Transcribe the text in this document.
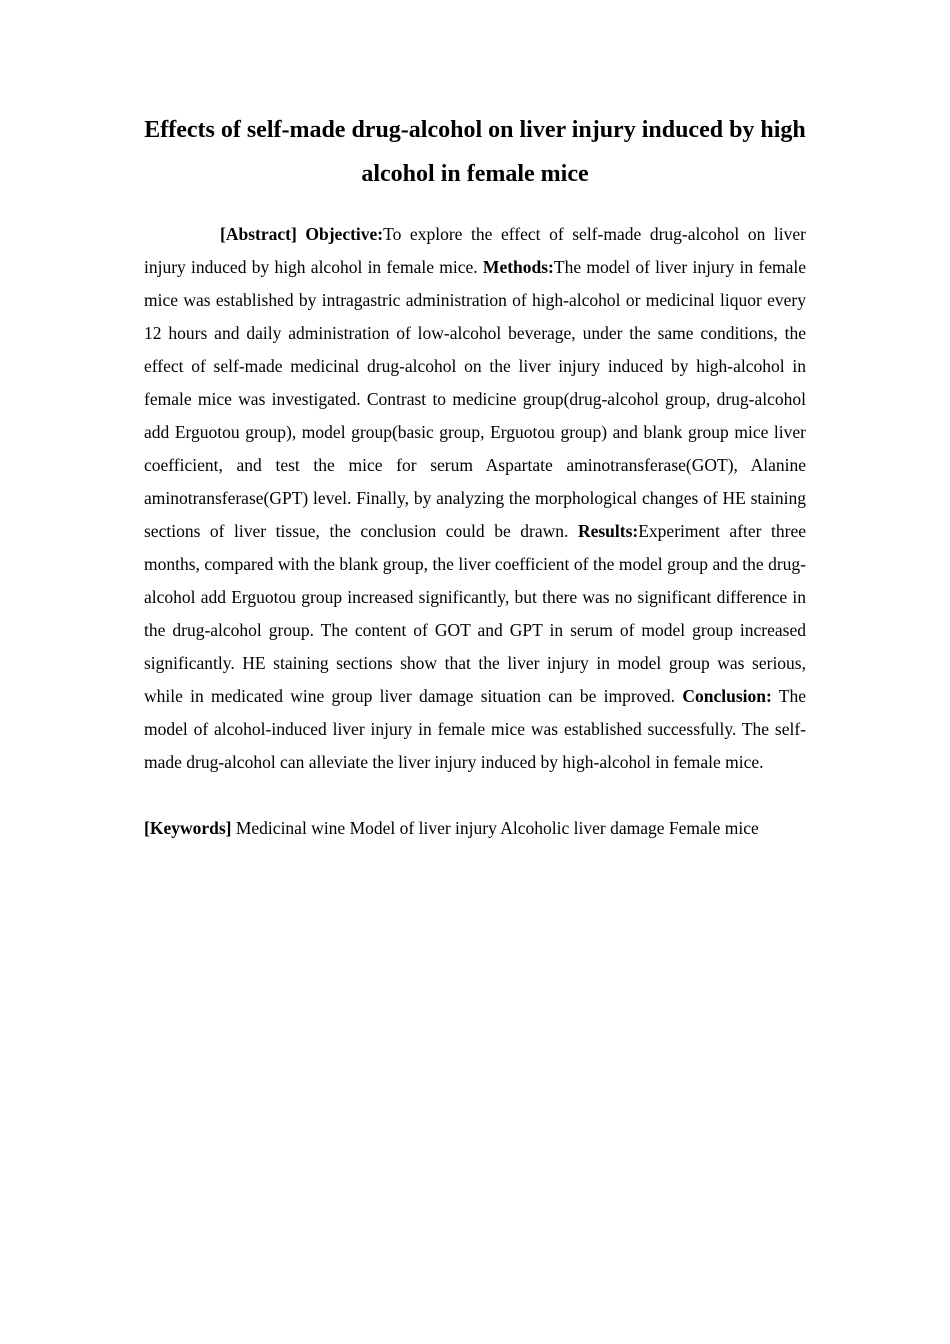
Effects of self-made drug-alcohol on liver injury induced by high alcohol in female mice

[Abstract] Objective:To explore the effect of self-made drug-alcohol on liver injury induced by high alcohol in female mice. Methods:The model of liver injury in female mice was established by intragastric administration of high-alcohol or medicinal liquor every 12 hours and daily administration of low-alcohol beverage, under the same conditions, the effect of self-made medicinal drug-alcohol on the liver injury induced by high-alcohol in female mice was investigated. Contrast to medicine group(drug-alcohol group, drug-alcohol add Erguotou group), model group(basic group, Erguotou group) and blank group mice liver coefficient, and test the mice for serum Aspartate aminotransferase(GOT), Alanine aminotransferase(GPT) level. Finally, by analyzing the morphological changes of HE staining sections of liver tissue, the conclusion could be drawn. Results:Experiment after three months, compared with the blank group, the liver coefficient of the model group and the drug-alcohol add Erguotou group increased significantly, but there was no significant difference in the drug-alcohol group. The content of GOT and GPT in serum of model group increased significantly. HE staining sections show that the liver injury in model group was serious, while in medicated wine group liver damage situation can be improved. Conclusion: The model of alcohol-induced liver injury in female mice was established successfully. The self-made drug-alcohol can alleviate the liver injury induced by high-alcohol in female mice.

[Keywords] Medicinal wine Model of liver injury Alcoholic liver damage Female mice
